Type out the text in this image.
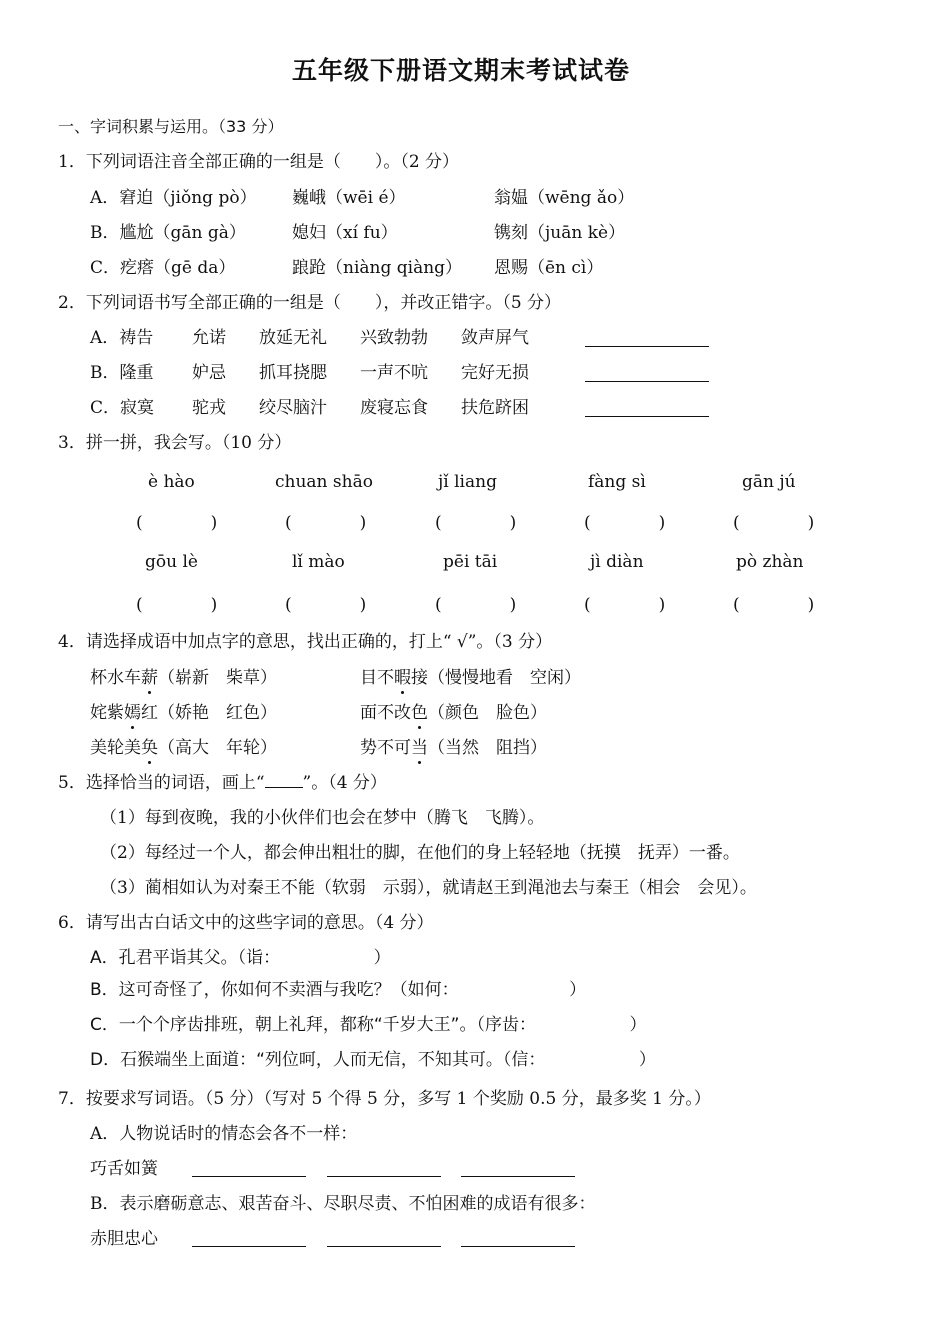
五年级下册语文期末考试试卷
一、字词积累与运用。（33 分）
1．下列词语注音全部正确的一组是（　　）。（2 分）
A．窘迫（jiǒng pò） 巍峨（wēi é）	翁媪（wēng ǎo）
B．尴尬（gān gà）	媳妇（xí fu）	镌刻（juān kè）
C．疙瘩（gē da）	踉跄（niàng qiàng） 恩赐（ēn cì）
2．下列词语书写全部正确的一组是（　　），并改正错字。（5 分）
A．祷告 允诺 放延无礼 兴致勃勃 敛声屏气
B．隆重 妒忌 抓耳挠腮 一声不吭 完好无损
C．寂寞 驼戎 绞尽脑汁 废寝忘食 扶危跻困
3．拼一拼，我会写。（10 分）
è hào	chuan shāo	jǐ liang	fàng sì	gān jú
(　　　　)	(　　　　)	(　　　　)	(　　　　)	(　　　　)
gōu lè	lǐ mào	pēi tāi	jì diàn	pò zhàn
(　　　　)	(　　　　)	(　　　　)	(　　　　)	(　　　　)
4．请选择成语中加点字的意思，找出正确的，打上“ √”。（3 分）
杯水车薪（崭新　柴草）	目不暇接（慢慢地看　空闲）
姹紫嫣红（娇艳　红色）	面不改色（颜色　脸色）
美轮美奂（高大　年轮）	势不可当（当然　阻挡）
5．选择恰当的词语，画上“ ”。（4 分）
（1）每到夜晚，我的小伙伴们也会在梦中（腾飞　飞腾）。
（2）每经过一个人，都会伸出粗壮的脚，在他们的身上轻轻地（抚摸　抚弄）一番。
（3）蔺相如认为对秦王不能（软弱　示弱），就请赵王到渑池去与秦王（相会　会见）。
6．请写出古白话文中的这些字词的意思。（4 分）
A．孔君平诣其父。（诣：　　　　　　）
B．这可奇怪了，你如何不卖酒与我吃？（如何：　　　　　　　）
C．一个个序齿排班，朝上礼拜，都称“千岁大王”。（序齿：　　　　　　）
D．石猴端坐上面道：“列位呵，人而无信，不知其可。（信：　　　　　　）
7．按要求写词语。（5 分）（写对 5 个得 5 分，多写 1 个奖励 0.5 分，最多奖 1 分。）
A．人物说话时的情态会各不一样：
巧舌如簧
B．表示磨砺意志、艰苦奋斗、尽职尽责、不怕困难的成语有很多：
赤胆忠心
